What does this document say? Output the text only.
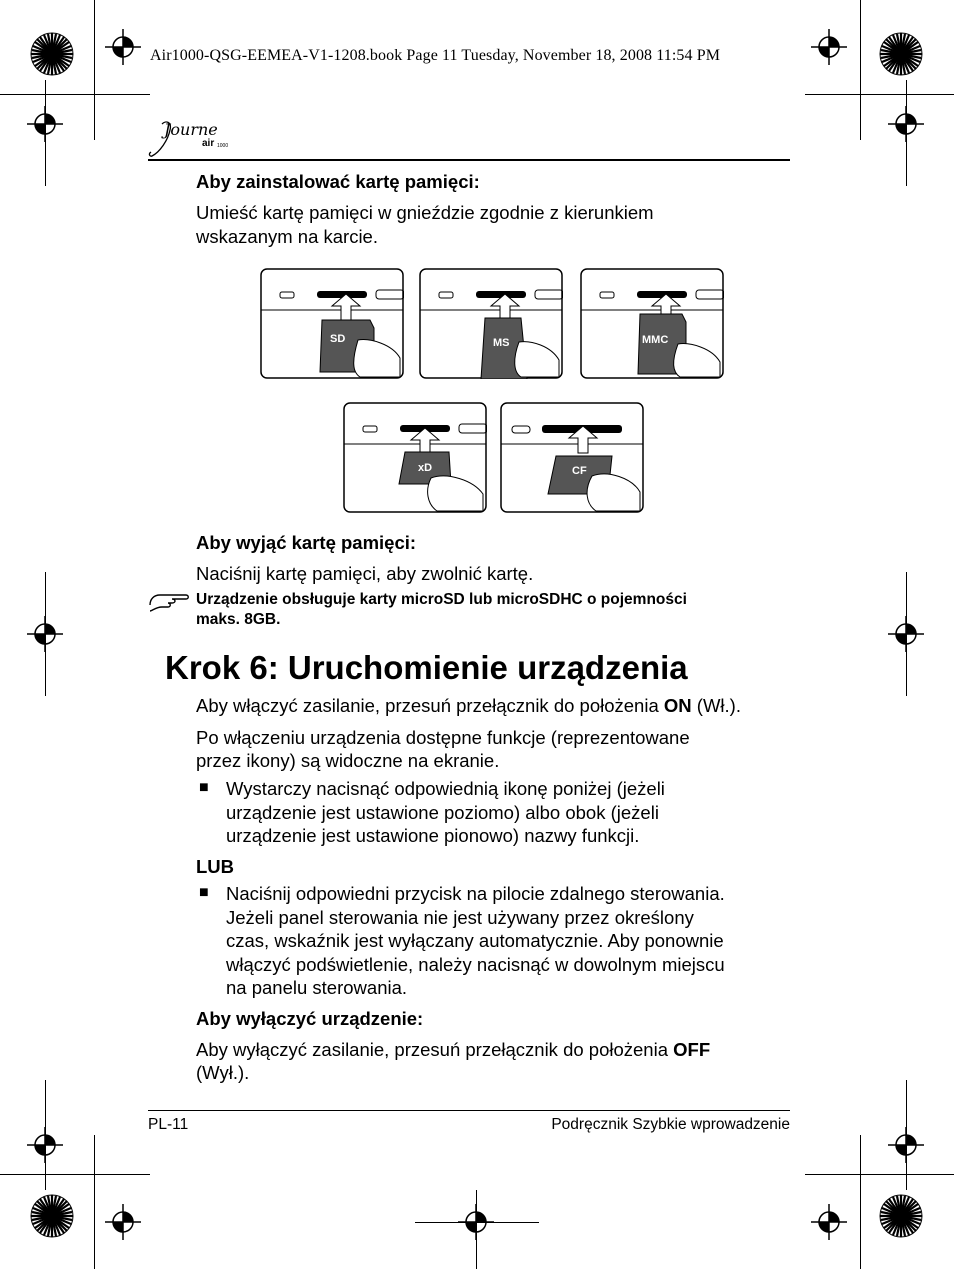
Air1000-QSG-EEMEA-V1-1208.book Page 11 Tuesday, November 18, 2008 11:54 PM
Journe
air 1000
Aby zainstalować kartę pamięci:
Umieść kartę pamięci w gnieździe zgodnie z kierunkiem
wskazanym na karcie.
SD	MS	MMC
xD	CF
Aby wyjąć kartę pamięci:
Naciśnij kartę pamięci, aby zwolnić kartę.
Urządzenie obsługuje karty microSD lub microSDHC o pojemności
maks. 8GB.
Krok 6: Uruchomienie urządzenia
Aby włączyć zasilanie, przesuń przełącznik do położenia ON (Wł.).
Po włączeniu urządzenia dostępne funkcje (reprezentowane
przez ikony) są widoczne na ekranie.
■ Wystarczy nacisnąć odpowiednią ikonę poniżej (jeżeli
urządzenie jest ustawione poziomo) albo obok (jeżeli
urządzenie jest ustawione pionowo) nazwy funkcji.
LUB
■ Naciśnij odpowiedni przycisk na pilocie zdalnego sterowania.
Jeżeli panel sterowania nie jest używany przez określony
czas, wskaźnik jest wyłączany automatycznie. Aby ponownie
włączyć podświetlenie, należy nacisnąć w dowolnym miejscu
na panelu sterowania.
Aby wyłączyć urządzenie:
Aby wyłączyć zasilanie, przesuń przełącznik do położenia OFF
(Wył.).
PL-11	Podręcznik Szybkie wprowadzenie
